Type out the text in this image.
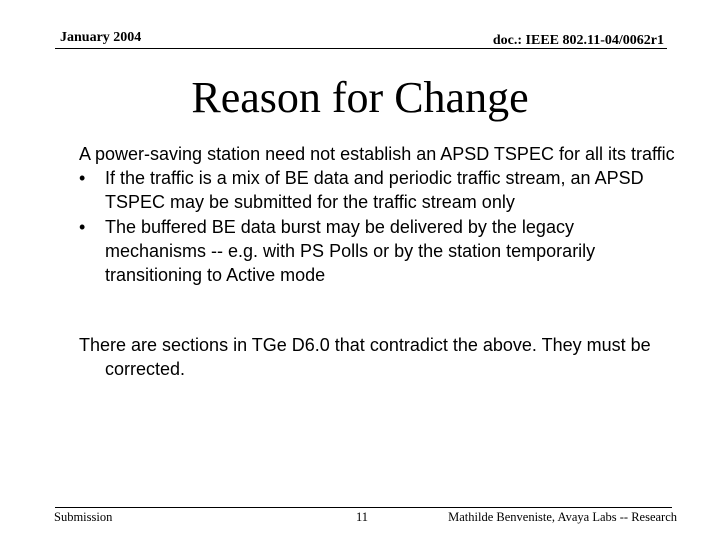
January 2004	doc.: IEEE 802.11-04/0062r1
Reason for Change

A power-saving station need not establish an APSD TSPEC for all its traffic

• If the traffic is a mix of BE data and periodic traffic stream, an APSD TSPEC may be submitted for the traffic stream only
• The buffered BE data burst may be delivered by the legacy mechanisms -- e.g. with PS Polls or by the station temporarily transitioning to Active mode

There are sections in TGe D6.0 that contradict the above. They must be corrected.

Submission	11	Mathilde Benveniste, Avaya Labs -- Research
